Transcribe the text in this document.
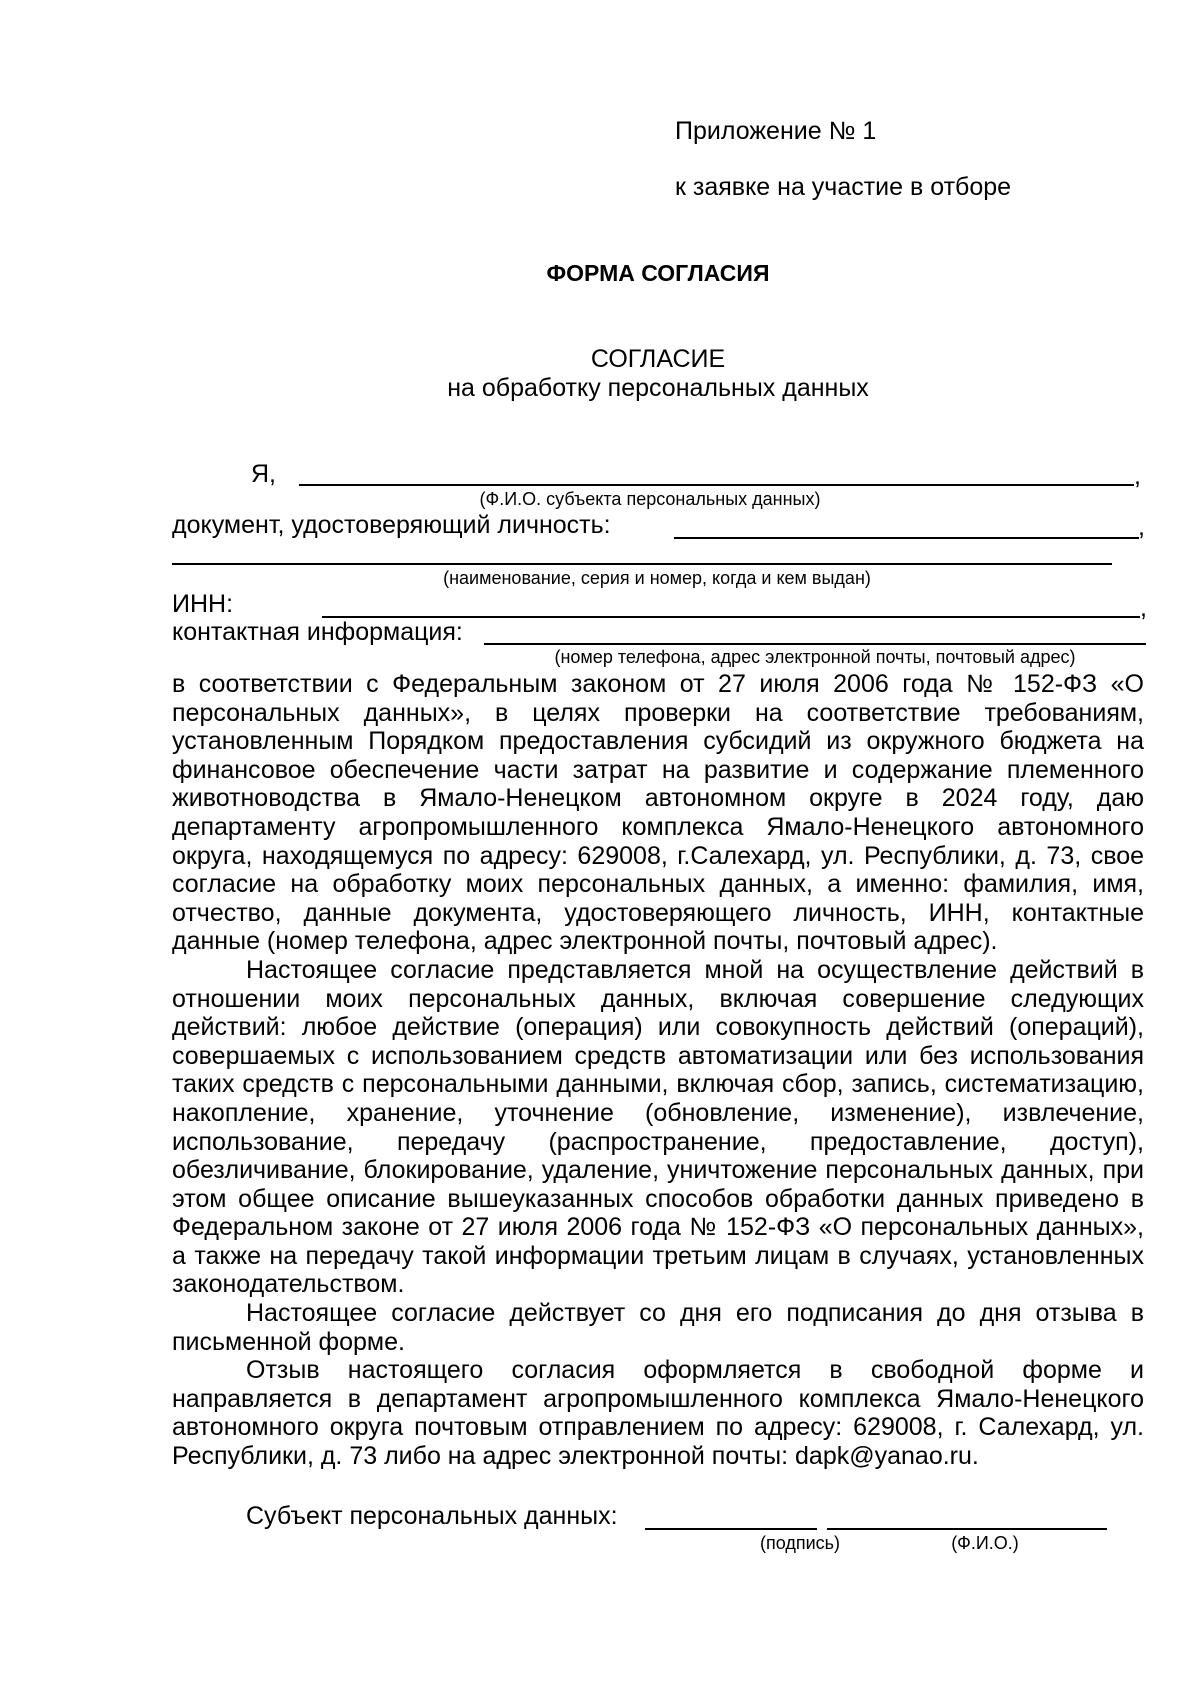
Приложение № 1
к заявке на участие в отборе
ФОРМА СОГЛАСИЯ
СОГЛАСИЕ
на обработку персональных данных
Я,	,
(Ф.И.О. субъекта персональных данных)
документ, удостоверяющий личность:	,
(наименование, серия и номер, когда и кем выдан)
ИНН:	,
контактная информация:
(номер телефона, адрес электронной почты, почтовый адрес)

в соответствии с Федеральным законом от 27 июля 2006 года № 152-ФЗ «О персональных данных», в целях проверки на соответствие требованиям, установленным Порядком предоставления субсидий из окружного бюджета на финансовое обеспечение части затрат на развитие и содержание племенного животноводства в Ямало-Ненецком автономном округе в 2024 году, даю департаменту агропромышленного комплекса Ямало-Ненецкого автономного округа, находящемуся по адресу: 629008, г.Салехард, ул. Республики, д. 73, свое согласие на обработку моих персональных данных, а именно: фамилия, имя, отчество, данные документа, удостоверяющего личность, ИНН, контактные данные (номер телефона, адрес электронной почты, почтовый адрес).

Настоящее согласие представляется мной на осуществление действий в отношении моих персональных данных, включая совершение следующих действий: любое действие (операция) или совокупность действий (операций), совершаемых с использованием средств автоматизации или без использования таких средств с персональными данными, включая сбор, запись, систематизацию, накопление, хранение, уточнение (обновление, изменение), извлечение, использование, передачу (распространение, предоставление, доступ), обезличивание, блокирование, удаление, уничтожение персональных данных, при этом общее описание вышеуказанных способов обработки данных приведено в Федеральном законе от 27 июля 2006 года № 152-ФЗ «О персональных данных», а также на передачу такой информации третьим лицам в случаях, установленных законодательством.

Настоящее согласие действует со дня его подписания до дня отзыва в письменной форме.

Отзыв настоящего согласия оформляется в свободной форме и направляется в департамент агропромышленного комплекса Ямало-Ненецкого автономного округа почтовым отправлением по адресу: 629008, г. Салехард, ул. Республики, д. 73 либо на адрес электронной почты: dapk@yanao.ru.

Субъект персональных данных:
(подпись)	(Ф.И.О.)
